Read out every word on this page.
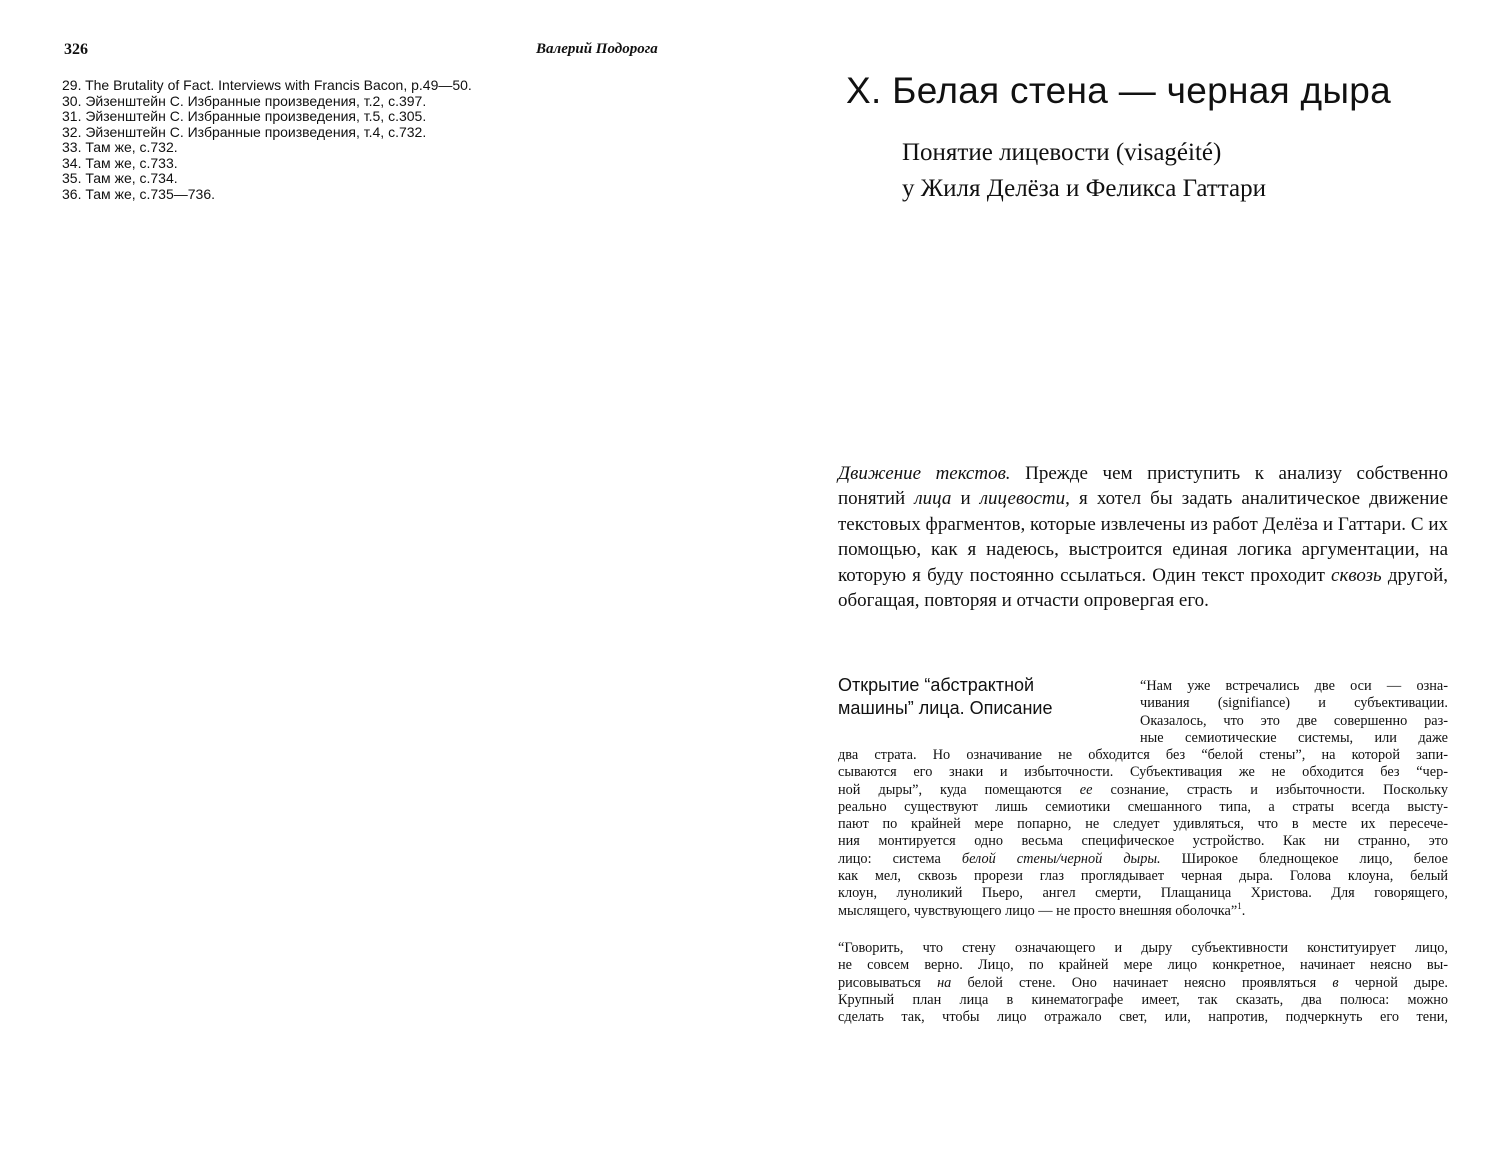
326	Валерий Подорога
29. The Brutality of Fact. Interviews with Francis Bacon, p.49—50.
30. Эйзенштейн С. Избранные произведения, т.2, с.397.
31. Эйзенштейн С. Избранные произведения, т.5, с.305.
32. Эйзенштейн С. Избранные произведения, т.4, с.732.
33. Там же, с.732.
34. Там же, с.733.
35. Там же, с.734.
36. Там же, с.735—736.
X. Белая стена — черная дыра
Понятие лицевости (visagéité)
у Жиля Делёза и Феликса Гаттари

Движение текстов. Прежде чем приступить к анализу собственно понятий лица и лицевости, я хотел бы задать аналитическое движение текстовых фрагментов, которые извлечены из работ Делёза и Гаттари. С их помощью, как я надеюсь, выстроится единая логика аргументации, на которую я буду постоянно ссылаться. Один текст проходит сквозь другой, обогащая, повторяя и отчасти опровергая его.

Открытие “абстрактной
машины” лица. Описание
“Нам уже встречались две оси — озна-
чивания (signifiance) и субъективации.
Оказалось, что это две совершенно раз-
ные семиотические системы, или даже
два страта. Но означивание не обходится без “белой стены”, на которой запи-
сываются его знаки и избыточности. Субъективация же не обходится без “чер-
ной дыры”, куда помещаются ее сознание, страсть и избыточности. Поскольку
реально существуют лишь семиотики смешанного типа, а страты всегда высту-
пают по крайней мере попарно, не следует удивляться, что в месте их пересече-
ния монтируется одно весьма специфическое устройство. Как ни странно, это
лицо: система белой стены/черной дыры. Широкое бледнощекое лицо, белое
как мел, сквозь прорези глаз проглядывает черная дыра. Голова клоуна, белый
клоун, луноликий Пьеро, ангел смерти, Плащаница Христова. Для говорящего,
мыслящего, чувствующего лицо — не просто внешняя оболочка”$^1$.
“Говорить, что стену означающего и дыру субъективности конституирует лицо,
не совсем верно. Лицо, по крайней мере лицо конкретное, начинает неясно вы-
рисовываться на белой стене. Оно начинает неясно проявляться в черной дыре.
Крупный план лица в кинематографе имеет, так сказать, два полюса: можно
сделать так, чтобы лицо отражало свет, или, напротив, подчеркнуть его тени,
